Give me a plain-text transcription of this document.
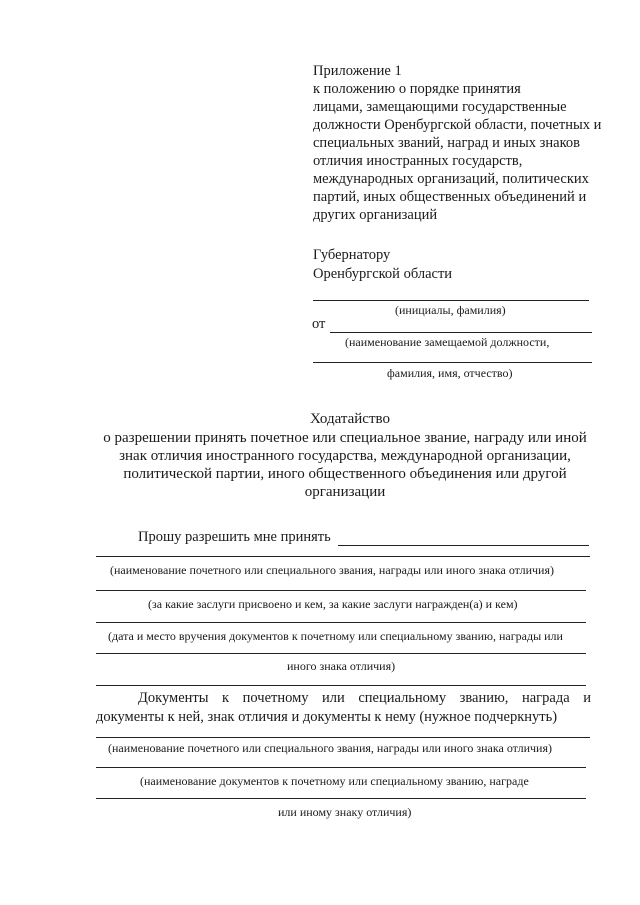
Приложение 1
к положению о порядке принятия
лицами, замещающими государственные
должности Оренбургской области, почетных и
специальных званий, наград и иных знаков
отличия иностранных государств,
международных организаций, политических
партий, иных общественных объединений и
других организаций
Губернатору
Оренбургской области
(инициалы, фамилия)
от
(наименование замещаемой должности,
фамилия, имя, отчество)
Ходатайство
о разрешении принять почетное или специальное звание, награду или иной
знак отличия иностранного государства, международной организации,
политической партии, иного общественного объединения или другой
организации
Прошу разрешить мне принять
(наименование почетного или специального звания, награды или иного знака отличия)
(за какие заслуги присвоено и кем, за какие заслуги награжден(а) и кем)
(дата и место вручения документов к почетному или специальному званию, награды или
иного знака отличия)
Документы к почетному или специальному званию, награда и
документы к ней, знак отличия и документы к нему (нужное подчеркнуть)
(наименование почетного или специального звания, награды или иного знака отличия)
(наименование документов к почетному или специальному званию, награде
или иному знаку отличия)
